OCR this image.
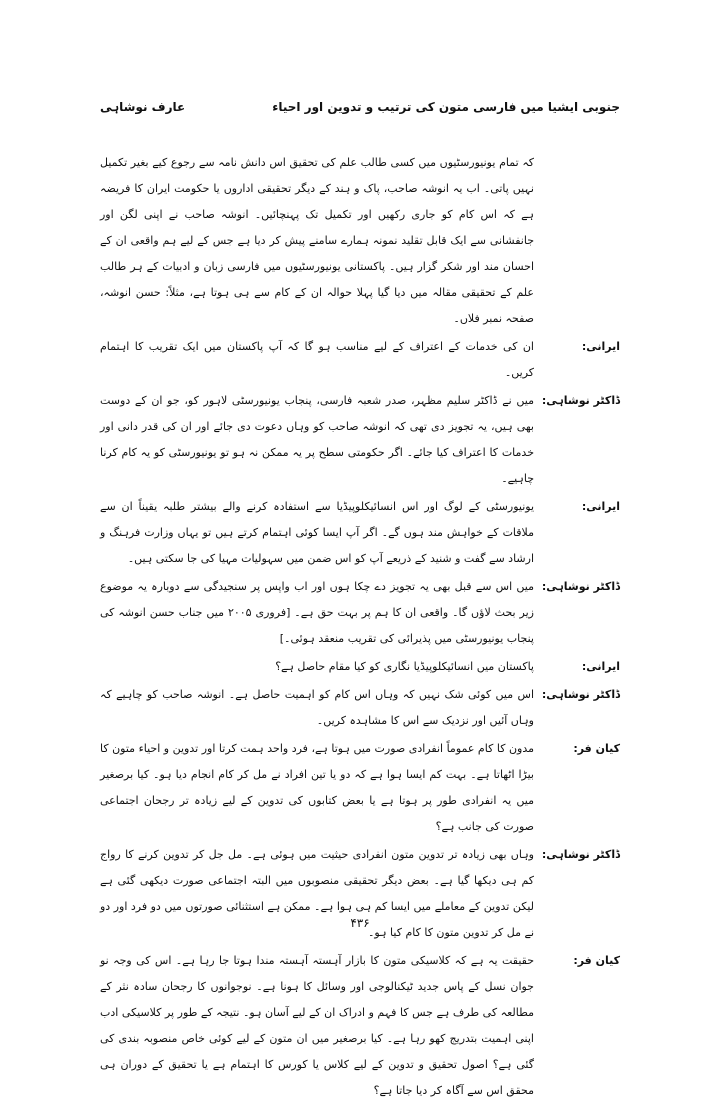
جنوبی ایشیا میں فارسی متون کی ترتیب و تدوین اور احیاء
عارف نوشاہی
کہ تمام یونیورسٹیوں میں کسی طالب علم کی تحقیق اس دانش نامہ سے رجوع کیے بغیر تکمیل نہیں پاتی۔ اب یہ انوشہ صاحب، پاک و ہند کے دیگر تحقیقی اداروں یا حکومت ایران کا فریضہ ہے کہ اس کام کو جاری رکھیں اور تکمیل تک پہنچائیں۔ انوشہ صاحب نے اپنی لگن اور جانفشانی سے ایک قابل تقلید نمونہ ہمارے سامنے پیش کر دیا ہے جس کے لیے ہم واقعی ان کے احسان مند اور شکر گزار ہیں۔ پاکستانی یونیورسٹیوں میں فارسی زبان و ادبیات کے ہر طالب علم کے تحقیقی مقالہ میں دیا گیا پہلا حوالہ ان کے کام سے ہی ہوتا ہے، مثلاً: حسن انوشہ، صفحہ نمبر فلاں۔
ایرانی:
ان کی خدمات کے اعتراف کے لیے مناسب ہو گا کہ آپ پاکستان میں ایک تقریب کا اہتمام کریں۔
ڈاکٹر نوشاہی:
میں نے ڈاکٹر سلیم مظہر، صدر شعبہ فارسی، پنجاب یونیورسٹی لاہور کو، جو ان کے دوست بھی ہیں، یہ تجویز دی تھی کہ انوشہ صاحب کو وہاں دعوت دی جائے اور ان کی قدر دانی اور خدمات کا اعتراف کیا جائے۔ اگر حکومتی سطح پر یہ ممکن نہ ہو تو یونیورسٹی کو یہ کام کرنا چاہیے۔
ایرانی:
یونیورسٹی کے لوگ اور اس انسائیکلوپیڈیا سے استفادہ کرنے والے بیشتر طلبہ یقیناً ان سے ملاقات کے خواہش مند ہوں گے۔ اگر آپ ایسا کوئی اہتمام کرتے ہیں تو یہاں وزارت فرہنگ و ارشاد سے گفت و شنید کے ذریعے آپ کو اس ضمن میں سہولیات مہیا کی جا سکتی ہیں۔
ڈاکٹر نوشاہی:
میں اس سے قبل بھی یہ تجویز دے چکا ہوں اور اب واپس پر سنجیدگی سے دوبارہ یہ موضوع زیر بحث لاؤں گا۔ واقعی ان کا ہم پر بہت حق ہے۔ [فروری ۲۰۰۵ میں جناب حسن انوشہ کی پنجاب یونیورسٹی میں پذیرائی کی تقریب منعقد ہوئی۔]
ایرانی:
پاکستان میں انسائیکلوپیڈیا نگاری کو کیا مقام حاصل ہے؟
ڈاکٹر نوشاہی:
اس میں کوئی شک نہیں کہ وہاں اس کام کو اہمیت حاصل ہے۔ انوشہ صاحب کو چاہیے کہ وہاں آئیں اور نزدیک سے اس کا مشاہدہ کریں۔
کیان فر:
مدون کا کام عموماً انفرادی صورت میں ہوتا ہے، فرد واحد ہمت کرتا اور تدوین و احیاء متون کا بیڑا اٹھاتا ہے۔ بہت کم ایسا ہوا ہے کہ دو یا تین افراد نے مل کر کام انجام دیا ہو۔ کیا برصغیر میں یہ انفرادی طور پر ہوتا ہے یا بعض کتابوں کی تدوین کے لیے زیادہ تر رجحان اجتماعی صورت کی جانب ہے؟
ڈاکٹر نوشاہی:
وہاں بھی زیادہ تر تدوین متون انفرادی حیثیت میں ہوئی ہے۔ مل جل کر تدوین کرنے کا رواج کم ہی دیکھا گیا ہے۔ بعض دیگر تحقیقی منصوبوں میں البتہ اجتماعی صورت دیکھی گئی ہے لیکن تدوین کے معاملے میں ایسا کم ہی ہوا ہے۔ ممکن ہے استثنائی صورتوں میں دو فرد اور دو نے مل کر تدوین متون کا کام کیا ہو۔
کیان فر:
حقیقت یہ ہے کہ کلاسیکی متون کا بازار آہستہ آہستہ مندا ہوتا جا رہا ہے۔ اس کی وجہ نو جوان نسل کے پاس جدید ٹیکنالوجی اور وسائل کا ہونا ہے۔ نوجوانوں کا رجحان سادہ نثر کے مطالعہ کی طرف ہے جس کا فہم و ادراک ان کے لیے آسان ہو۔ نتیجہ کے طور پر کلاسیکی ادب اپنی اہمیت بتدریج کھو رہا ہے۔ کیا برصغیر میں ان متون کے لیے کوئی خاص منصوبہ بندی کی گئی ہے؟ اصول تحقیق و تدوین کے لیے کلاس یا کورس کا اہتمام ہے یا تحقیق کے دوران ہی محقق اس سے آگاہ کر دیا جاتا ہے؟
۴۳۶
